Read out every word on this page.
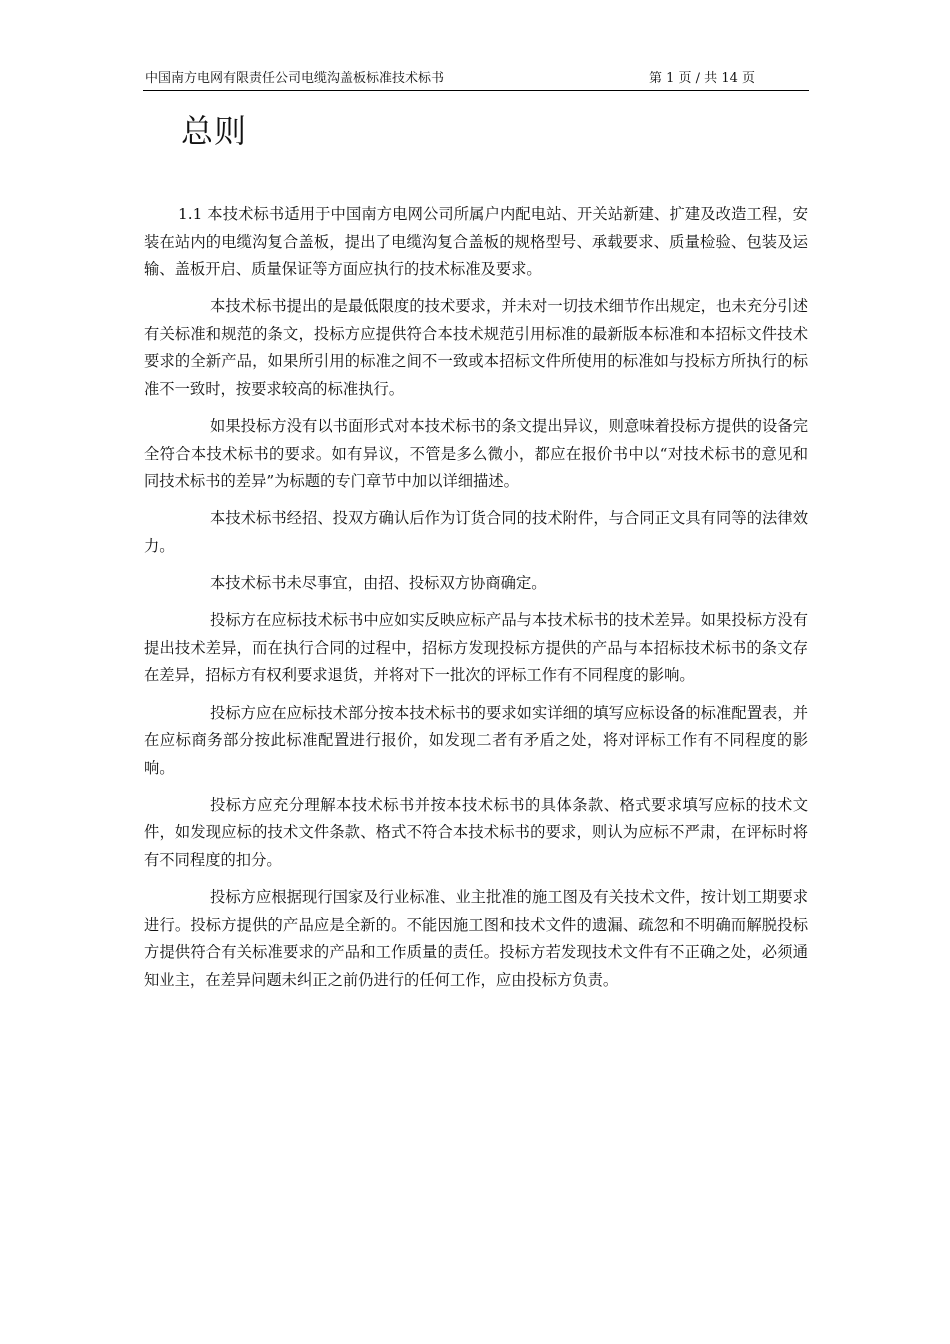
中国南方电网有限责任公司电缆沟盖板标准技术标书	第 1 页 / 共 14 页
总则

1.1 本技术标书适用于中国南方电网公司所属户内配电站、开关站新建、扩建及改造工程，安装在站内的电缆沟复合盖板，提出了电缆沟复合盖板的规格型号、承载要求、质量检验、包装及运输、盖板开启、质量保证等方面应执行的技术标准及要求。

本技术标书提出的是最低限度的技术要求，并未对一切技术细节作出规定，也未充分引述有关标准和规范的条文，投标方应提供符合本技术规范引用标准的最新版本标准和本招标文件技术要求的全新产品，如果所引用的标准之间不一致或本招标文件所使用的标准如与投标方所执行的标准不一致时，按要求较高的标准执行。

如果投标方没有以书面形式对本技术标书的条文提出异议，则意味着投标方提供的设备完全符合本技术标书的要求。如有异议，不管是多么微小，都应在报价书中以“对技术标书的意见和同技术标书的差异”为标题的专门章节中加以详细描述。

本技术标书经招、投双方确认后作为订货合同的技术附件，与合同正文具有同等的法律效力。

本技术标书未尽事宜，由招、投标双方协商确定。

投标方在应标技术标书中应如实反映应标产品与本技术标书的技术差异。如果投标方没有提出技术差异，而在执行合同的过程中，招标方发现投标方提供的产品与本招标技术标书的条文存在差异，招标方有权利要求退货，并将对下一批次的评标工作有不同程度的影响。

投标方应在应标技术部分按本技术标书的要求如实详细的填写应标设备的标准配置表，并在应标商务部分按此标准配置进行报价，如发现二者有矛盾之处，将对评标工作有不同程度的影响。

投标方应充分理解本技术标书并按本技术标书的具体条款、格式要求填写应标的技术文件，如发现应标的技术文件条款、格式不符合本技术标书的要求，则认为应标不严肃，在评标时将有不同程度的扣分。

投标方应根据现行国家及行业标准、业主批准的施工图及有关技术文件，按计划工期要求进行。投标方提供的产品应是全新的。不能因施工图和技术文件的遗漏、疏忽和不明确而解脱投标方提供符合有关标准要求的产品和工作质量的责任。投标方若发现技术文件有不正确之处，必须通知业主，在差异问题未纠正之前仍进行的任何工作，应由投标方负责。
